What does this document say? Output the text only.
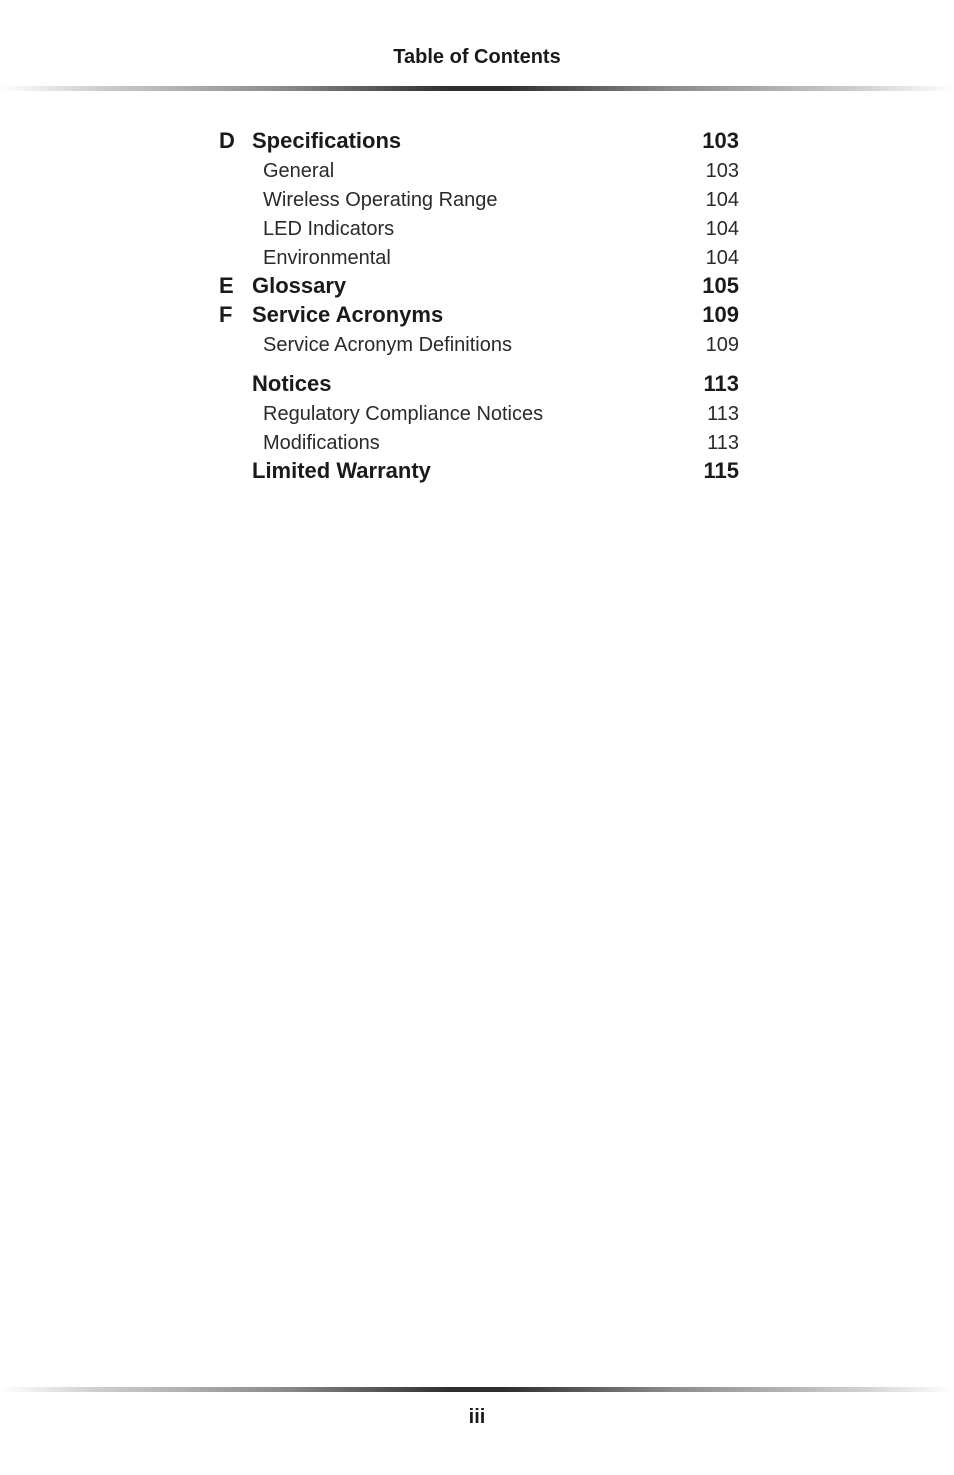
Table of Contents
D Specifications	103
General	103
Wireless Operating Range	104
LED Indicators	104
Environmental	104
E Glossary	105
F Service Acronyms	109
Service Acronym Definitions	109
Notices	113
Regulatory Compliance Notices	113
Modifications	113
Limited Warranty	115
iii
